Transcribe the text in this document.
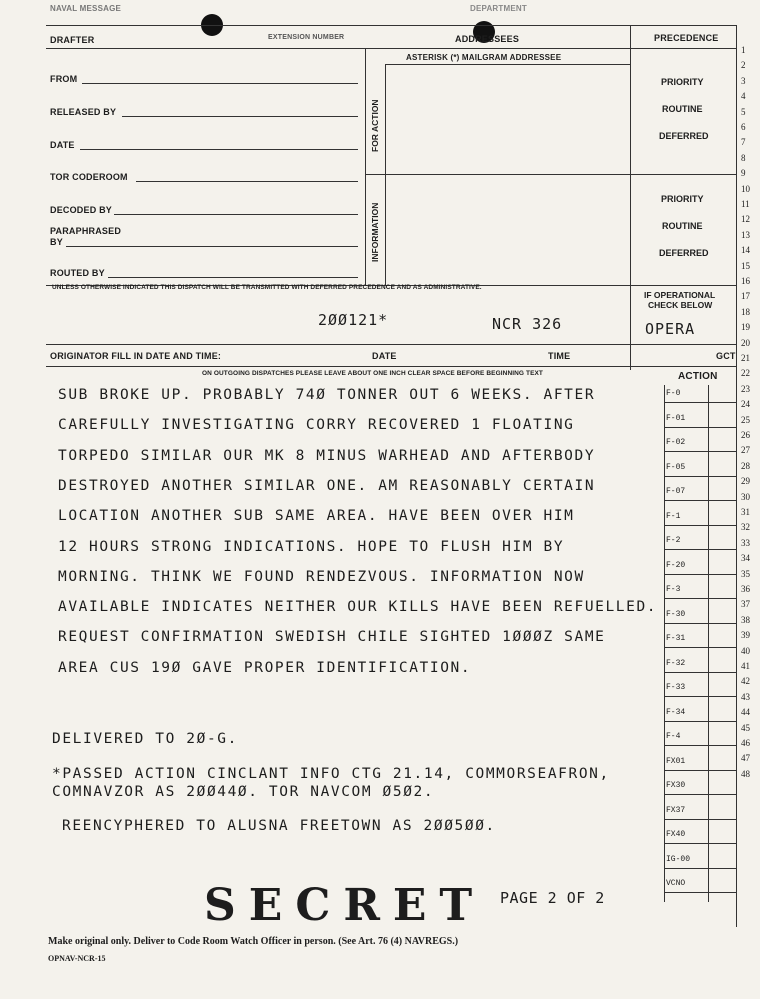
NAVAL MESSAGE	DEPARTMENT
DRAFTER	EXTENSION NUMBER	ADDRESSEES	PRECEDENCE
ASTERISK (*) MAILGRAM ADDRESSEE
FROM
RELEASED BY
DATE
TOR CODEROOM
DECODED BY
PARAPHRASED
BY
ROUTED BY
FOR ACTION
INFORMATION
PRIORITY
ROUTINE
DEFERRED
PRIORITY
ROUTINE
DEFERRED
UNLESS OTHERWISE INDICATED THIS DISPATCH WILL BE TRANSMITTED WITH DEFERRED PRECEDENCE AND AS ADMINISTRATIVE.
IF OPERATIONAL
CHECK BELOW
OPERA
2ØØ121*	NCR 326
ORIGINATOR FILL IN DATE AND TIME:	DATE	TIME	GCT
ON OUTGOING DISPATCHES PLEASE LEAVE ABOUT ONE INCH CLEAR SPACE BEFORE BEGINNING TEXT	ACTION
F-0
F-01
F-02
F-05
F-07
F-1
F-2
F-20
F-3
F-30
F-31
F-32
F-33
F-34
F-4
FX01
FX30
FX37
FX40
IG-00
VCNO
1
2
3
4
5
6
7
8
9
10
11
12
13
14
15
16
17
18
19
20
21
22
23
24
25
26
27
28
29
30
31
32
33
34
35
36
37
38
39
40
41
42
43
44
45
46
47
48
SUB BROKE UP. PROBABLY 74Ø TONNER OUT 6 WEEKS. AFTER
CAREFULLY INVESTIGATING CORRY RECOVERED 1 FLOATING
TORPEDO SIMILAR OUR MK 8 MINUS WARHEAD AND AFTERBODY
DESTROYED ANOTHER SIMILAR ONE. AM REASONABLY CERTAIN
LOCATION ANOTHER SUB SAME AREA. HAVE BEEN OVER HIM
12 HOURS STRONG INDICATIONS. HOPE TO FLUSH HIM BY
MORNING. THINK WE FOUND RENDEZVOUS. INFORMATION NOW
AVAILABLE INDICATES NEITHER OUR KILLS HAVE BEEN REFUELLED.
REQUEST CONFIRMATION SWEDISH CHILE SIGHTED 1ØØØZ SAME
AREA CUS 19Ø GAVE PROPER IDENTIFICATION.
DELIVERED TO 2Ø-G.
*PASSED ACTION CINCLANT INFO CTG 21.14, COMMORSEAFRON,
COMNAVZOR AS 2ØØ44Ø. TOR NAVCOM Ø5Ø2.
REENCYPHERED TO ALUSNA FREETOWN AS 2ØØ5ØØ.
SECRET PAGE 2 OF 2
Make original only. Deliver to Code Room Watch Officer in person. (See Art. 76 (4) NAVREGS.)
OPNAV-NCR-15
